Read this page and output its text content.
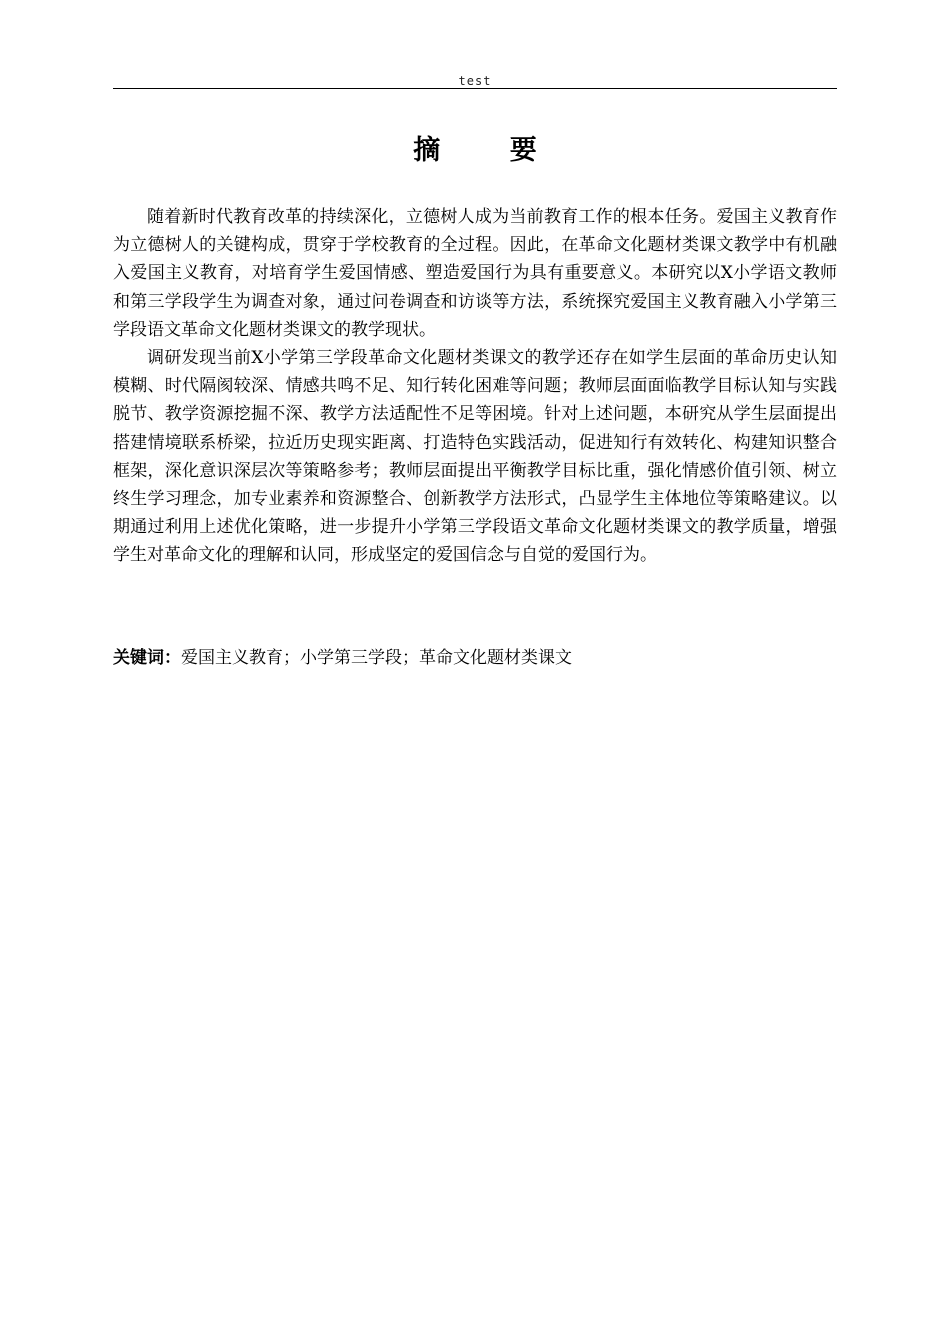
test
摘 要

随着新时代教育改革的持续深化，立德树人成为当前教育工作的根本任务。爱国主义教育作为立德树人的关键构成，贯穿于学校教育的全过程。因此，在革命文化题材类课文教学中有机融入爱国主义教育，对培育学生爱国情感、塑造爱国行为具有重要意义。本研究以X小学语文教师和第三学段学生为调查对象，通过问卷调查和访谈等方法，系统探究爱国主义教育融入小学第三学段语文革命文化题材类课文的教学现状。

调研发现当前X小学第三学段革命文化题材类课文的教学还存在如学生层面的革命历史认知模糊、时代隔阂较深、情感共鸣不足、知行转化困难等问题；教师层面面临教学目标认知与实践脱节、教学资源挖掘不深、教学方法适配性不足等困境。针对上述问题，本研究从学生层面提出搭建情境联系桥梁，拉近历史现实距离、打造特色实践活动，促进知行有效转化、构建知识整合框架，深化意识深层次等策略参考；教师层面提出平衡教学目标比重，强化情感价值引领、树立终生学习理念，加专业素养和资源整合、创新教学方法形式，凸显学生主体地位等策略建议。以期通过利用上述优化策略，进一步提升小学第三学段语文革命文化题材类课文的教学质量，增强学生对革命文化的理解和认同，形成坚定的爱国信念与自觉的爱国行为。

关键词：爱国主义教育；小学第三学段；革命文化题材类课文
